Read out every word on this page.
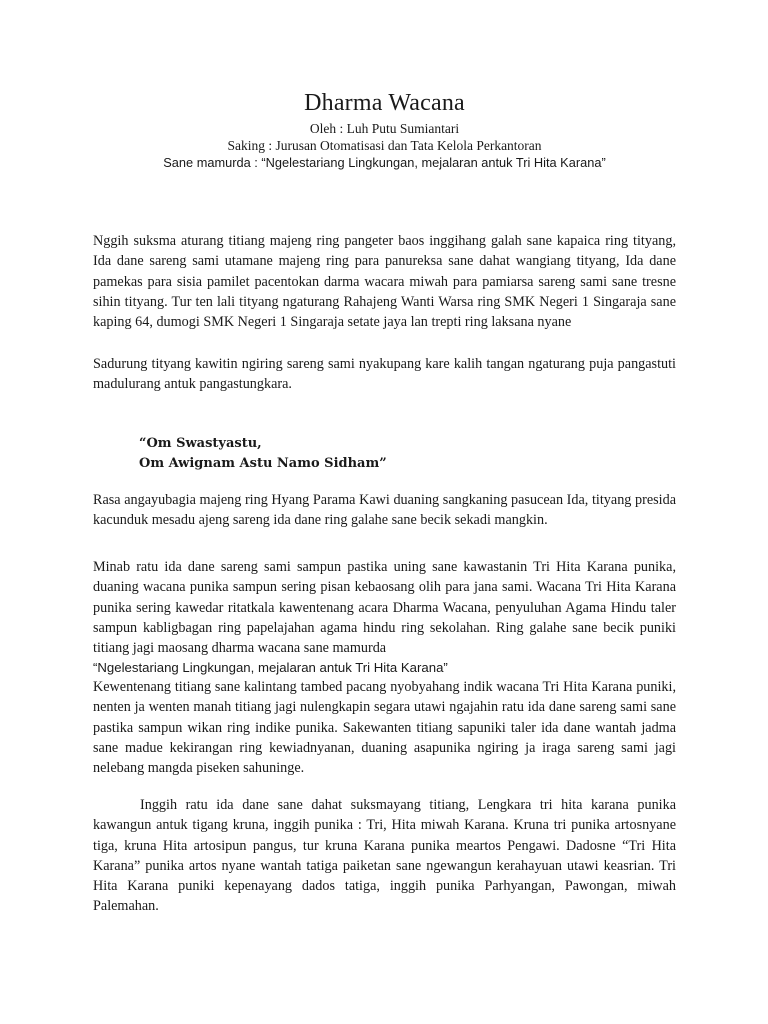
Dharma Wacana
Oleh : Luh Putu Sumiantari
Saking : Jurusan Otomatisasi dan Tata Kelola Perkantoran
Sane mamurda : “Ngelestariang Lingkungan, mejalaran antuk Tri Hita Karana”
Nggih suksma aturang titiang majeng ring pangeter baos inggihang galah sane kapaica ring tityang, Ida dane sareng sami utamane majeng ring para panureksa sane dahat wangiang tityang, Ida dane pamekas para sisia pamilet pacentokan darma wacara miwah para pamiarsa sareng sami sane tresne sihin tityang. Tur ten lali tityang ngaturang Rahajeng Wanti Warsa ring SMK Negeri 1 Singaraja sane kaping 64, dumogi SMK Negeri 1 Singaraja setate jaya lan trepti ring laksana nyane
Sadurung tityang kawitin ngiring sareng sami nyakupang kare kalih tangan ngaturang puja pangastuti madulurang antuk pangastungkara.
“Om Swastyastu,
Om Awignam Astu Namo Sidham”
Rasa angayubagia majeng ring Hyang Parama Kawi duaning sangkaning pasucean Ida, tityang presida kacunduk mesadu ajeng sareng ida dane ring galahe sane becik sekadi mangkin.
Minab ratu ida dane sareng sami sampun pastika uning sane kawastanin Tri Hita Karana punika, duaning wacana punika sampun sering pisan kebaosang olih para jana sami. Wacana Tri Hita Karana punika sering kawedar ritatkala kawentenang acara Dharma Wacana, penyuluhan Agama Hindu taler sampun kabligbagan ring papelajahan agama hindu ring sekolahan. Ring galahe sane becik puniki titiang jagi maosang dharma wacana sane mamurda
“Ngelestariang Lingkungan, mejalaran antuk Tri Hita Karana”
Kewentenang titiang sane kalintang tambed pacang nyobyahang indik wacana Tri Hita Karana puniki, nenten ja wenten manah titiang jagi nulengkapin segara utawi ngajahin ratu ida dane sareng sami sane pastika sampun wikan ring indike punika. Sakewanten titiang sapuniki taler ida dane wantah jadma sane madue kekirangan ring kewiadnyanan, duaning asapunika ngiring ja iraga sareng sami jagi nelebang mangda piseken sahuninge.
Inggih ratu ida dane sane dahat suksmayang titiang, Lengkara tri hita karana punika kawangun antuk tigang kruna, inggih punika : Tri, Hita miwah Karana. Kruna tri punika artosnyane tiga, kruna Hita artosipun pangus, tur kruna Karana punika meartos Pengawi. Dadosne “Tri Hita Karana” punika artos nyane wantah tatiga paiketan sane ngewangun kerahayuan utawi keasrian. Tri Hita Karana puniki kepenayang dados tatiga, inggih punika Parhyangan, Pawongan, miwah Palemahan.
